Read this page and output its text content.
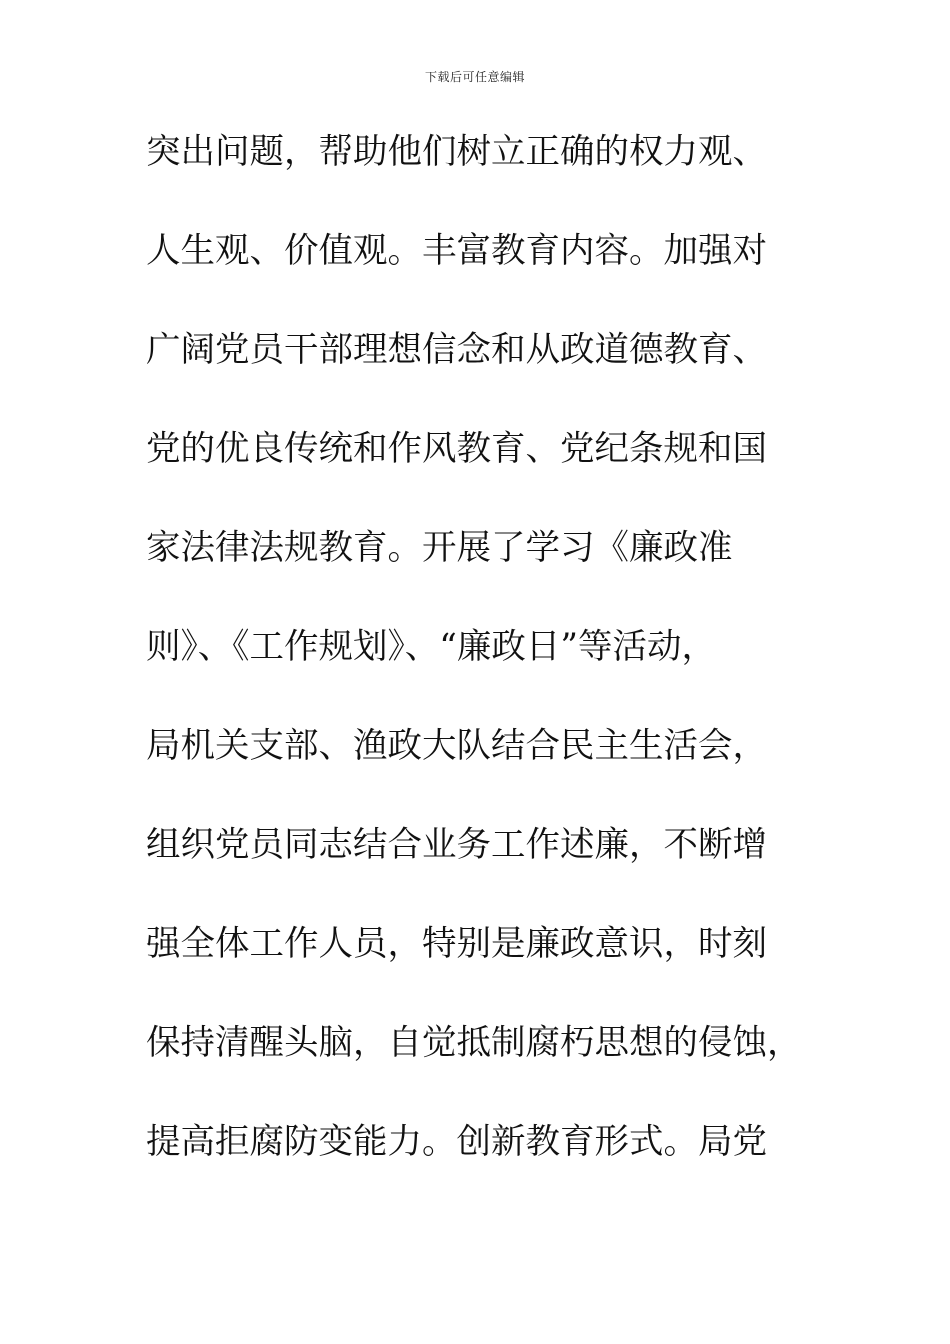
下载后可任意编辑
突出问题，帮助他们树立正确的权力观、
人生观、价值观。丰富教育内容。加强对
广阔党员干部理想信念和从政道德教育、
党的优良传统和作风教育、党纪条规和国
家法律法规教育。开展了学习《廉政准
则》、《工作规划》、“廉政日”等活动，
局机关支部、渔政大队结合民主生活会，
组织党员同志结合业务工作述廉，不断增
强全体工作人员，特别是廉政意识，时刻
保持清醒头脑，自觉抵制腐朽思想的侵蚀，
提高拒腐防变能力。创新教育形式。局党
